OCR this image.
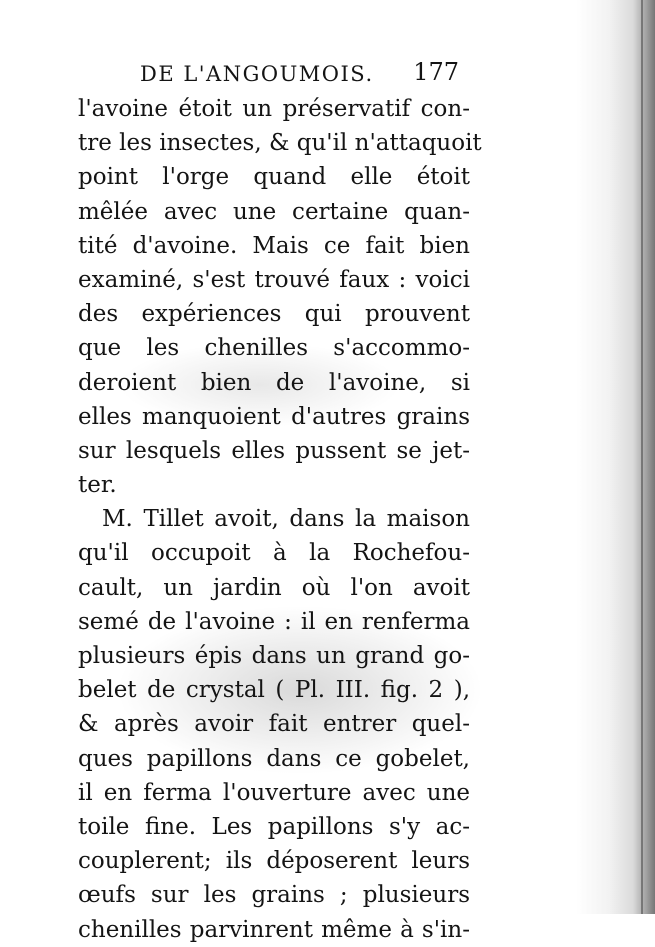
DE L'ANGOUMOIS. 177
l'avoine étoit un préservatif con-
tre les insectes, & qu'il n'attaquoit
point l'orge quand elle étoit
mêlée avec une certaine quan-
tité d'avoine. Mais ce fait bien
examiné, s'est trouvé faux : voici
des expériences qui prouvent
que les chenilles s'accommo-
deroient bien de l'avoine, si
elles manquoient d'autres grains
sur lesquels elles pussent se jet-
ter.
M. Tillet avoit, dans la maison
qu'il occupoit à la Rochefou-
cault, un jardin où l'on avoit
semé de l'avoine : il en renferma
plusieurs épis dans un grand go-
belet de crystal ( Pl. III. fig. 2 ),
& après avoir fait entrer quel-
ques papillons dans ce gobelet,
il en ferma l'ouverture avec une
toile fine. Les papillons s'y ac-
couplerent; ils déposerent leurs
œufs sur les grains ; plusieurs
chenilles parvinrent même à s'in-
